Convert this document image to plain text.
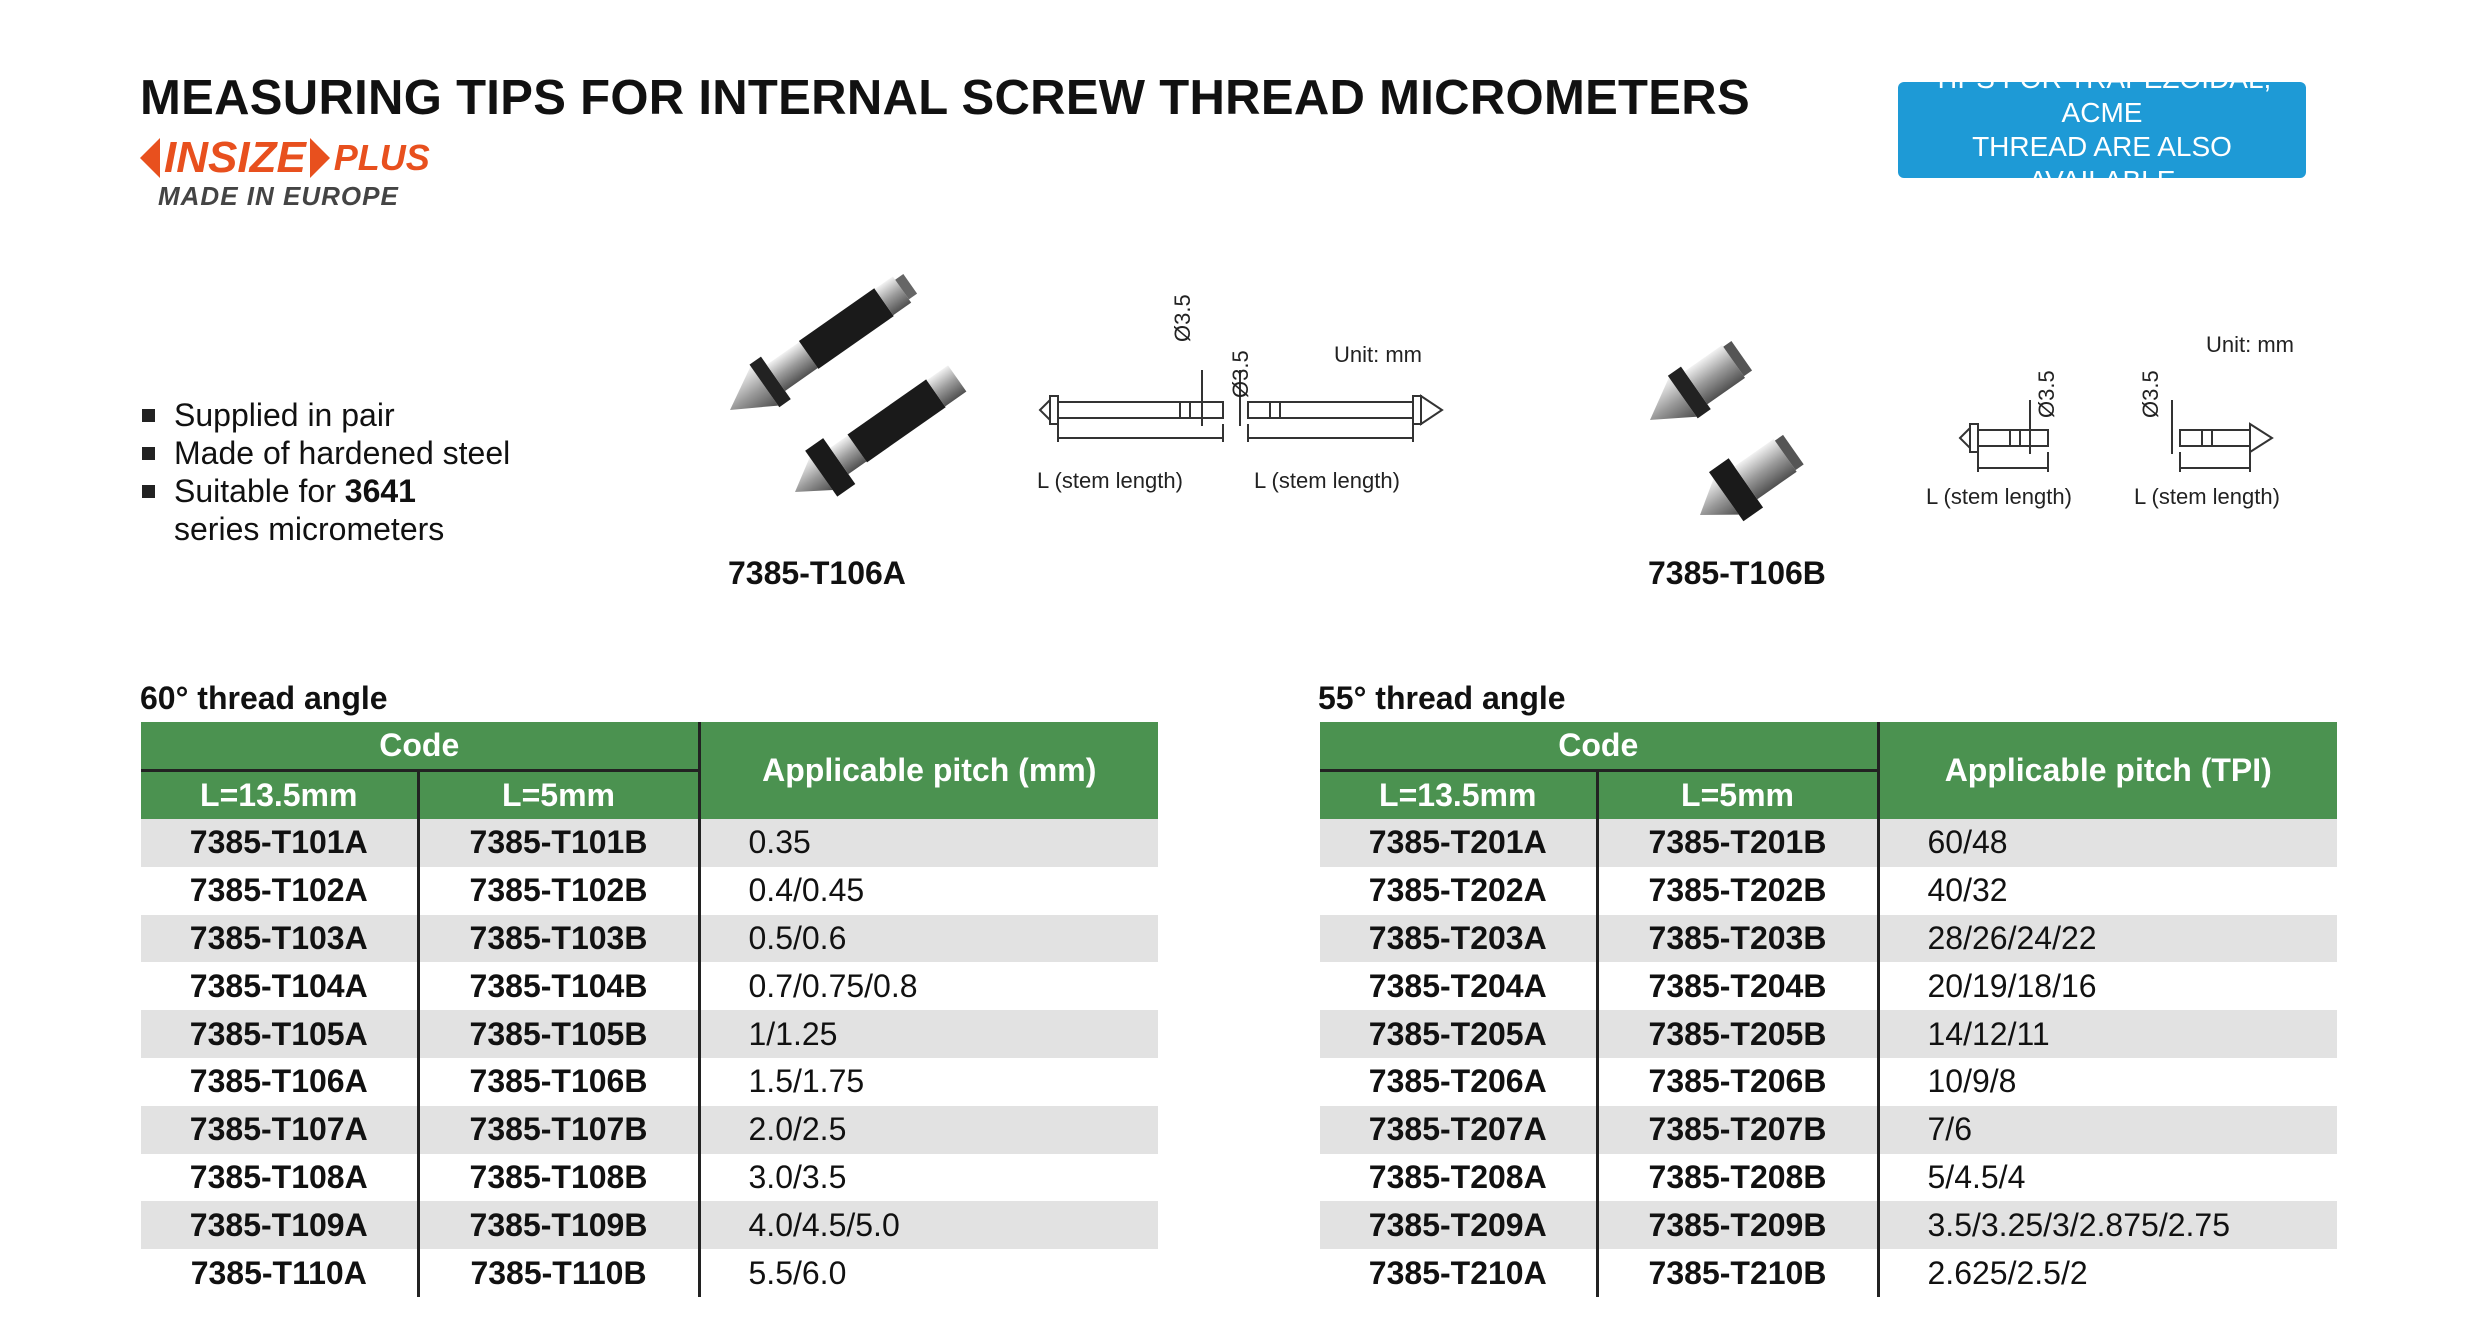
MEASURING TIPS FOR INTERNAL SCREW THREAD MICROMETERS
INSIZE PLUS
MADE IN EUROPE
TIPS FOR TRAPEZOIDAL, ACME
THREAD ARE ALSO AVAILABLE
Supplied in pair
Made of hardened steel
Suitable for 3641
series micrometers
Ø3.5
Ø3.5	Unit: mm
L (stem length)	L (stem length)
7385-T106A
Ø3.5	Ø3.5
Unit: mm
L (stem length)	L (stem length)
7385-T106B
60° thread angle	55° thread angle
Code		Applicable pitch (mm)
L=13.5mm	L=5mm	
7385-T101A	7385-T101B	0.35
7385-T102A	7385-T102B	0.4/0.45
7385-T103A	7385-T103B	0.5/0.6
7385-T104A	7385-T104B	0.7/0.75/0.8
7385-T105A	7385-T105B	1/1.25
7385-T106A	7385-T106B	1.5/1.75
7385-T107A	7385-T107B	2.0/2.5
7385-T108A	7385-T108B	3.0/3.5
7385-T109A	7385-T109B	4.0/4.5/5.0
7385-T110A	7385-T110B	5.5/6.0
Code		Applicable pitch (TPI)
L=13.5mm	L=5mm	
7385-T201A	7385-T201B	60/48
7385-T202A	7385-T202B	40/32
7385-T203A	7385-T203B	28/26/24/22
7385-T204A	7385-T204B	20/19/18/16
7385-T205A	7385-T205B	14/12/11
7385-T206A	7385-T206B	10/9/8
7385-T207A	7385-T207B	7/6
7385-T208A	7385-T208B	5/4.5/4
7385-T209A	7385-T209B	3.5/3.25/3/2.875/2.75
7385-T210A	7385-T210B	2.625/2.5/2
